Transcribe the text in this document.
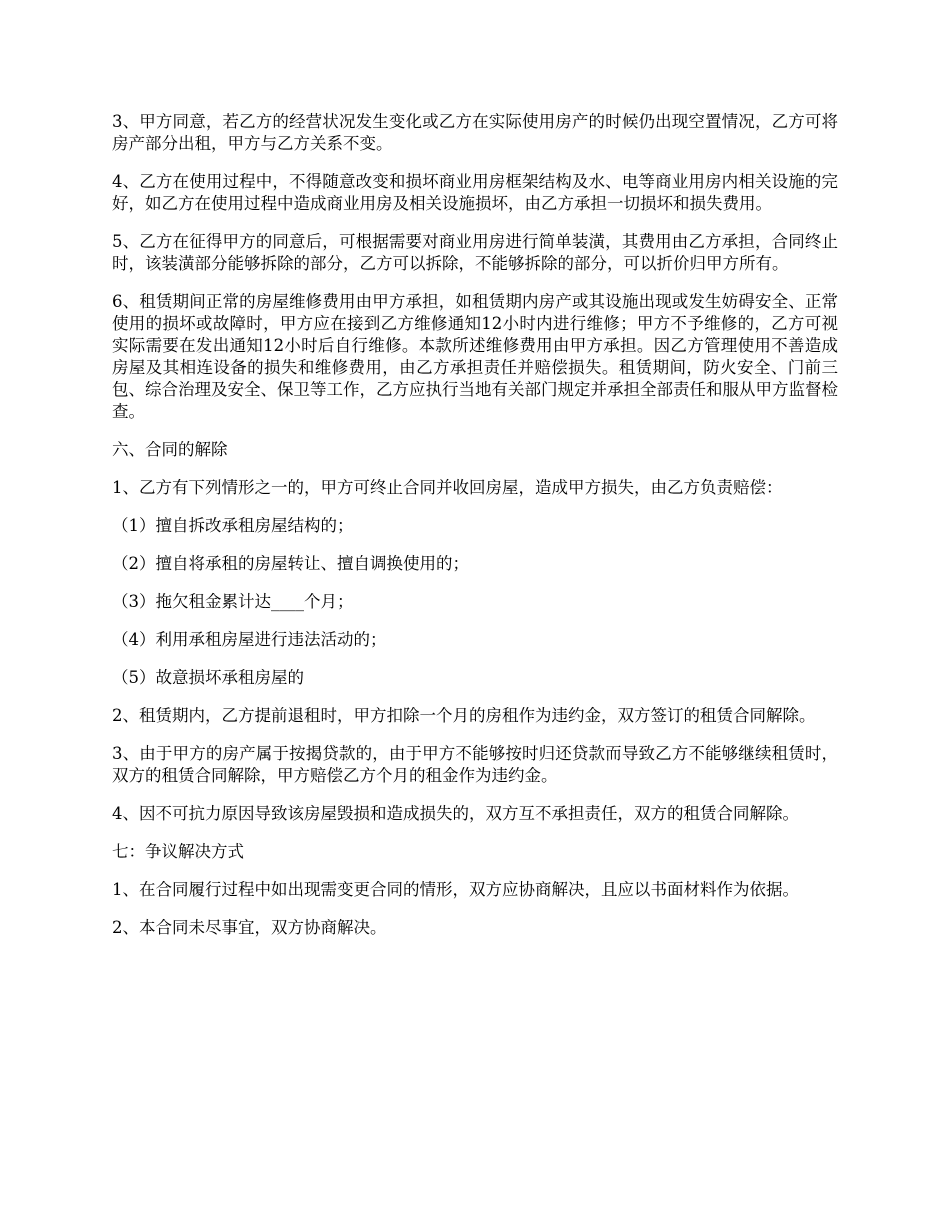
3、甲方同意，若乙方的经营状况发生变化或乙方在实际使用房产的时候仍出现空置情况，乙方可将房产部分出租，甲方与乙方关系不变。

4、乙方在使用过程中，不得随意改变和损坏商业用房框架结构及水、电等商业用房内相关设施的完好，如乙方在使用过程中造成商业用房及相关设施损坏，由乙方承担一切损坏和损失费用。

5、乙方在征得甲方的同意后，可根据需要对商业用房进行简单装潢，其费用由乙方承担，合同终止时，该装潢部分能够拆除的部分，乙方可以拆除，不能够拆除的部分，可以折价归甲方所有。

6、租赁期间正常的房屋维修费用由甲方承担，如租赁期内房产或其设施出现或发生妨碍安全、正常使用的损坏或故障时，甲方应在接到乙方维修通知12小时内进行维修；甲方不予维修的，乙方可视实际需要在发出通知12小时后自行维修。本款所述维修费用由甲方承担。因乙方管理使用不善造成房屋及其相连设备的损失和维修费用，由乙方承担责任并赔偿损失。租赁期间，防火安全、门前三包、综合治理及安全、保卫等工作，乙方应执行当地有关部门规定并承担全部责任和服从甲方监督检查。

六、合同的解除

1、乙方有下列情形之一的，甲方可终止合同并收回房屋，造成甲方损失，由乙方负责赔偿：

（1）擅自拆改承租房屋结构的；

（2）擅自将承租的房屋转让、擅自调换使用的；

（3）拖欠租金累计达____个月；

（4）利用承租房屋进行违法活动的；

（5）故意损坏承租房屋的

2、租赁期内，乙方提前退租时，甲方扣除一个月的房租作为违约金，双方签订的租赁合同解除。

3、由于甲方的房产属于按揭贷款的，由于甲方不能够按时归还贷款而导致乙方不能够继续租赁时，双方的租赁合同解除，甲方赔偿乙方个月的租金作为违约金。

4、因不可抗力原因导致该房屋毁损和造成损失的，双方互不承担责任，双方的租赁合同解除。

七：争议解决方式

1、在合同履行过程中如出现需变更合同的情形，双方应协商解决，且应以书面材料作为依据。

2、本合同未尽事宜，双方协商解决。
